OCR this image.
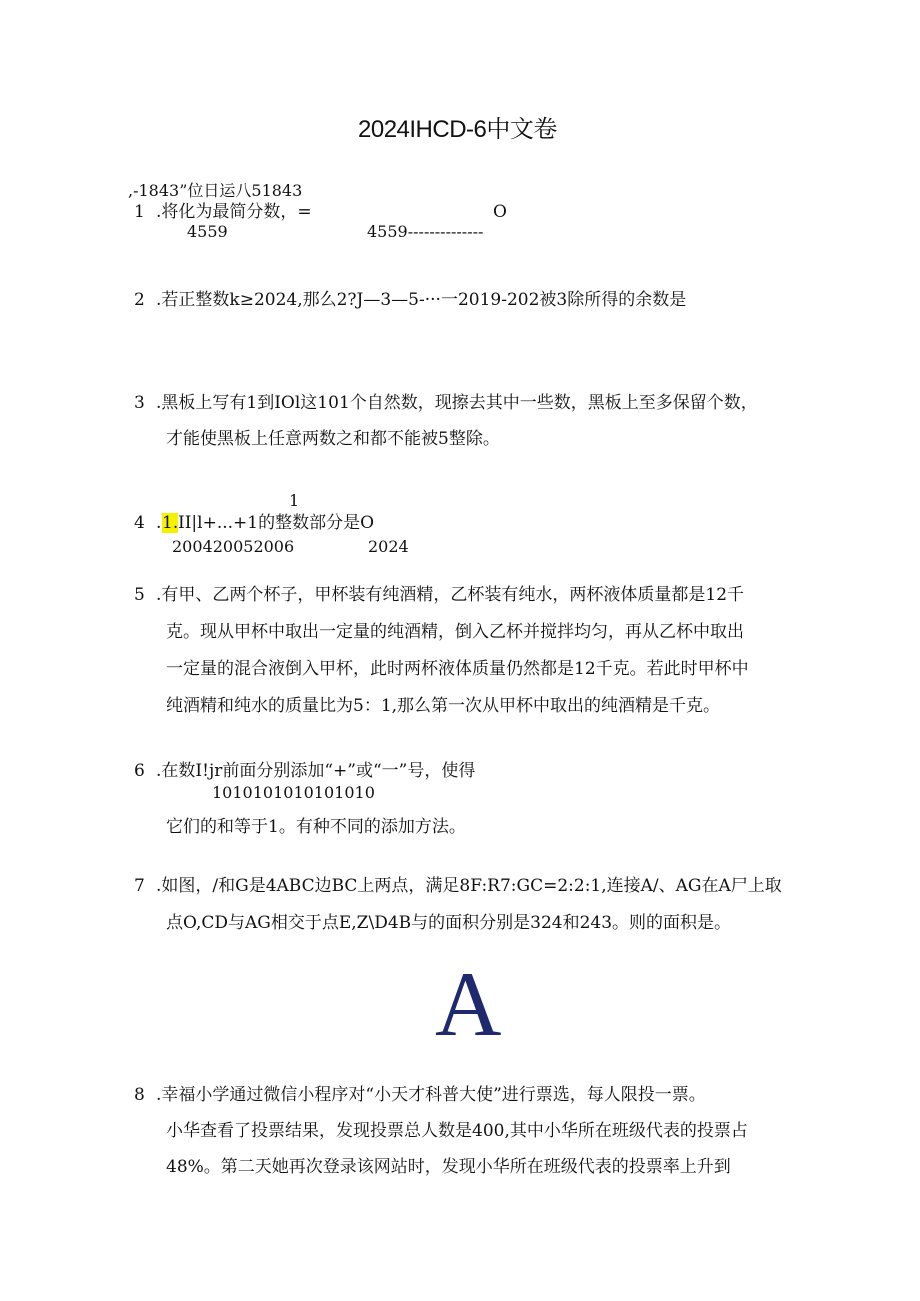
2024IHCD-6中文卷
,-1843”位日运八51843
1 .将化为最简分数，=	O
4559	4559--------------
2 .若正整数k≥2024,那么2?J—3—5-···一2019-202被3除所得的余数是
3 .黑板上写有1到IOl这101个自然数，现擦去其中一些数，黑板上至多保留个数，
才能使黑板上任意两数之和都不能被5整除。
1
4 . 1. II|l+...+1的整数部分是O
200420052006	2024
5 .有甲、乙两个杯子，甲杯装有纯酒精，乙杯装有纯水，两杯液体质量都是12千
克。现从甲杯中取出一定量的纯酒精，倒入乙杯并搅拌均匀，再从乙杯中取出
一定量的混合液倒入甲杯，此时两杯液体质量仍然都是12千克。若此时甲杯中
纯酒精和纯水的质量比为5：1,那么第一次从甲杯中取出的纯酒精是千克。
6 .在数I!jr前面分别添加“+”或“一”号，使得
1010101010101010
它们的和等于1。有种不同的添加方法。
7 .如图，/和G是4ABC边BC上两点，满足8F:R7:GC=2:2:1,连接A/、AG在A尸上取
点O,CD与AG相交于点E,Z\D4B与的面积分别是324和243。则的面积是。
A
8 .幸福小学通过微信小程序对“小天才科普大使”进行票选，每人限投一票。
小华查看了投票结果，发现投票总人数是400,其中小华所在班级代表的投票占
48%。第二天她再次登录该网站时，发现小华所在班级代表的投票率上升到
